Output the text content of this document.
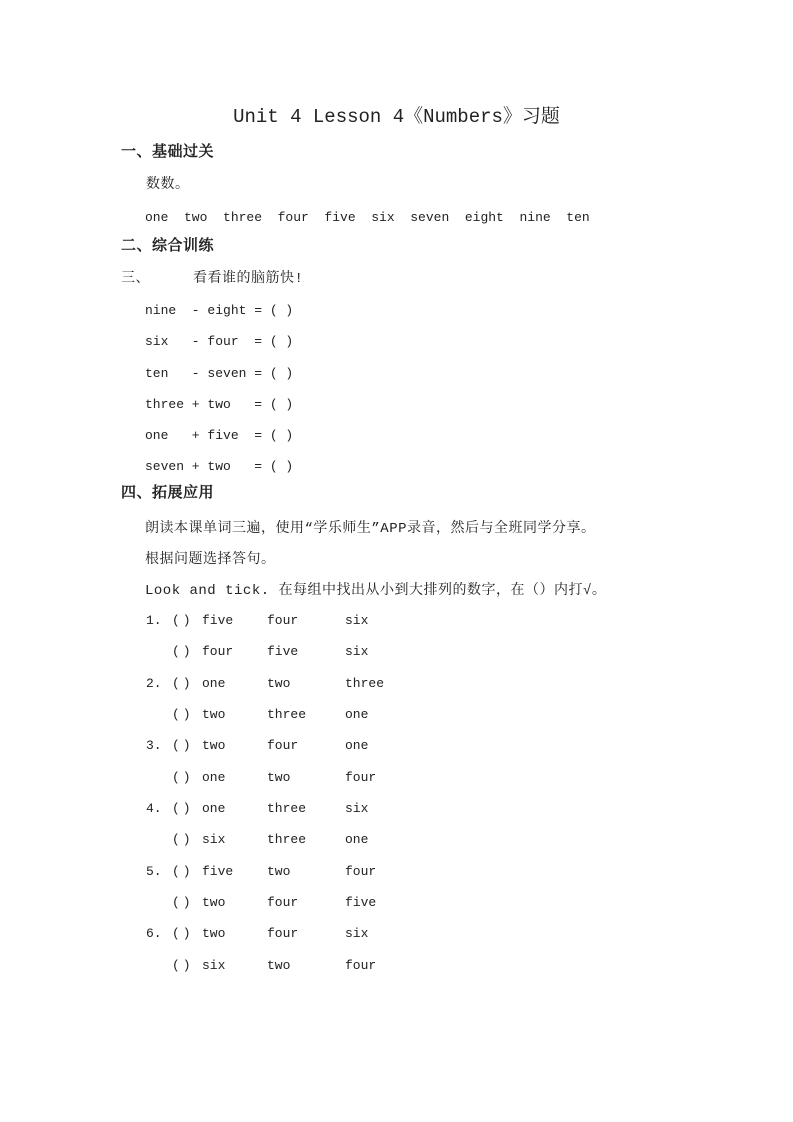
Unit 4 Lesson 4《Numbers》习题
一、基础过关
数数。
one  two  three  four  five  six  seven  eight  nine  ten
二、综合训练
三、	看看谁的脑筋快!
nine  - eight = ( )
six   - four  = ( )
ten   - seven = ( )
three + two   = ( )
one   + five  = ( )
seven + two   = ( )
四、拓展应用
朗读本课单词三遍，使用“学乐师生”APP录音，然后与全班同学分享。
根据问题选择答句。
Look and tick. 在每组中找出从小到大排列的数字，在（）内打√。
1. () five	four	six
() four	five	six
2. () one	two	three
() two	three	one
3. () two	four	one
() one	two	four
4. () one	three	six
() six	three	one
5. () five	two	four
() two	four	five
6. () two	four	six
() six	two	four
